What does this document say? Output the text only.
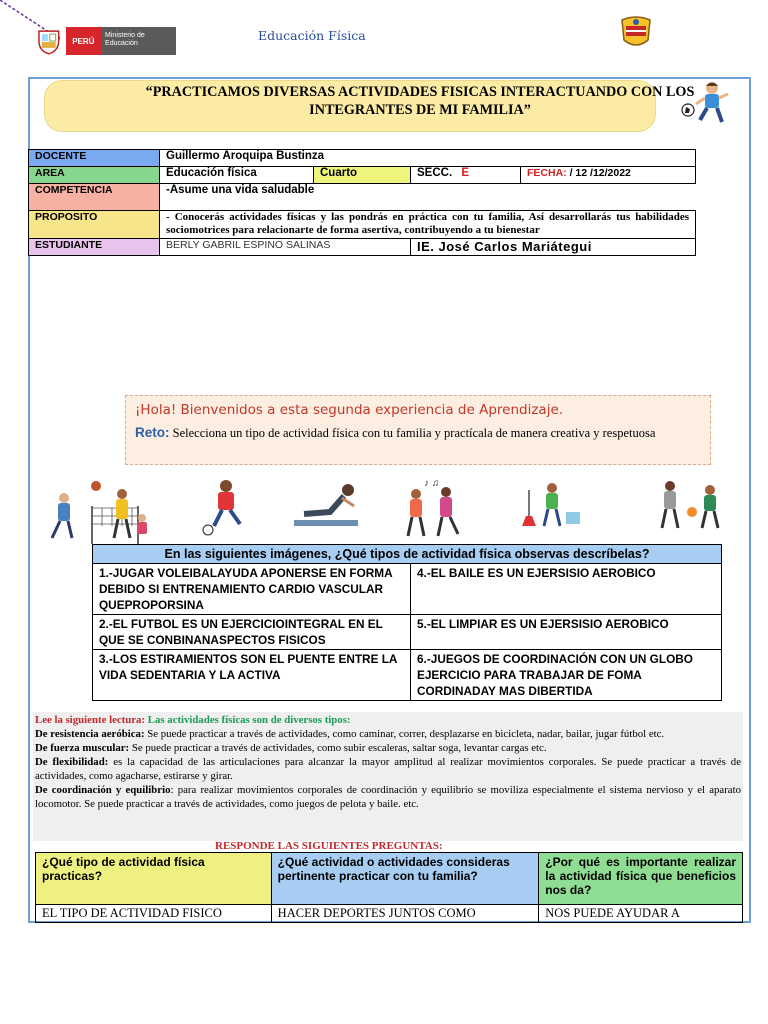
PERÚ
Ministerio de Educación
Educación Física
“PRACTICAMOS DIVERSAS ACTIVIDADES FISICAS INTERACTUANDO CON LOS INTEGRANTES DE MI FAMILIA”
DOCENTE	Guillermo Aroquipa Bustinza			
AREA	Educación física	Cuarto	SECC. E	FECHA: / 12 /12/2022
COMPETENCIA	-Asume una vida saludable			
PROPOSITO	- Conocerás actividades físicas y las pondrás en práctica con tu familia, Así desarrollarás tus habilidades sociomotrices para relacionarte de forma asertiva, contribuyendo a tu bienestar			
ESTUDIANTE	BERLY GABRIL ESPINO SALINAS		IE. José Carlos Mariátegui	
¡Hola! Bienvenidos a esta segunda experiencia de Aprendizaje.
Reto: Selecciona un tipo de actividad física con tu familia y practícala de manera creativa y respetuosa
♪ ♫
En las siguientes imágenes, ¿Qué tipos de actividad física observas descríbelas?	
1.-JUGAR VOLEIBALAYUDA APONERSE EN FORMA DEBIDO SI ENTRENAMIENTO CARDIO VASCULAR QUEPROPORSINA	4.-EL BAILE ES UN EJERSISIO AEROBICO
2.-EL FUTBOL ES UN EJERCICIOINTEGRAL EN EL QUE SE CONBINANASPECTOS FISICOS	5.-EL LIMPIAR ES UN EJERSISIO AEROBICO
3.-LOS ESTIRAMIENTOS SON EL PUENTE ENTRE LA VIDA SEDENTARIA Y LA ACTIVA	6.-JUEGOS DE COORDINACIÓN CON UN GLOBO EJERCICIO PARA TRABAJAR DE FOMA CORDINADAY MAS DIBERTIDA
Lee la siguiente lectura: Las actividades físicas son de diversos tipos:
De resistencia aeróbica: Se puede practicar a través de actividades, como caminar, correr, desplazarse en bicicleta, nadar, bailar, jugar fútbol etc.
De fuerza muscular: Se puede practicar a través de actividades, como subir escaleras, saltar soga, levantar cargas etc.
De flexibilidad: es la capacidad de las articulaciones para alcanzar la mayor amplitud al realizar movimientos corporales. Se puede practicar a través de actividades, como agacharse, estirarse y girar.
De coordinación y equilibrio: para realizar movimientos corporales de coordinación y equilibrio se moviliza especialmente el sistema nervioso y el aparato locomotor. Se puede practicar a través de actividades, como juegos de pelota y baile. etc.
RESPONDE LAS SIGUIENTES PREGUNTAS:
¿Qué tipo de actividad física practicas?	¿Qué actividad o actividades consideras pertinente practicar con tu familia?	¿Por qué es importante realizar la actividad física que beneficios nos da?
EL TIPO DE ACTIVIDAD FISICO	HACER DEPORTES JUNTOS COMO	NOS PUEDE AYUDAR A
